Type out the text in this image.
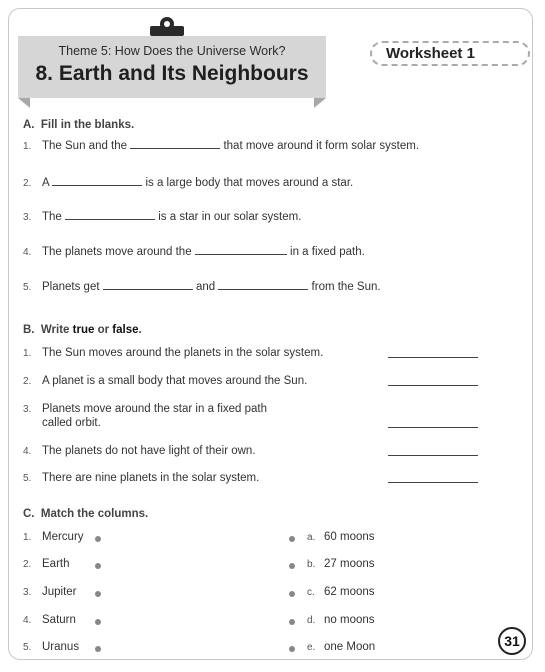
Theme 5: How Does the Universe Work?
8. Earth and Its Neighbours
Worksheet 1
A. Fill in the blanks.
1. The Sun and the	that move around it form solar system.
2. A	is a large body that moves around a star.
3. The	is a star in our solar system.
4. The planets move around the	in a fixed path.
5. Planets get	and	from the Sun.
B. Write true or false.
1. The Sun moves around the planets in the solar system.
2. A planet is a small body that moves around the Sun.
3. Planets move around the star in a fixed path
called orbit.
4. The planets do not have light of their own.
5. There are nine planets in the solar system.
C. Match the columns.
1. Mercury
2. Earth
3. Jupiter
4. Saturn
5. Uranus
a. 60 moons
b. 27 moons
c. 62 moons
d. no moons
e. one Moon	31
